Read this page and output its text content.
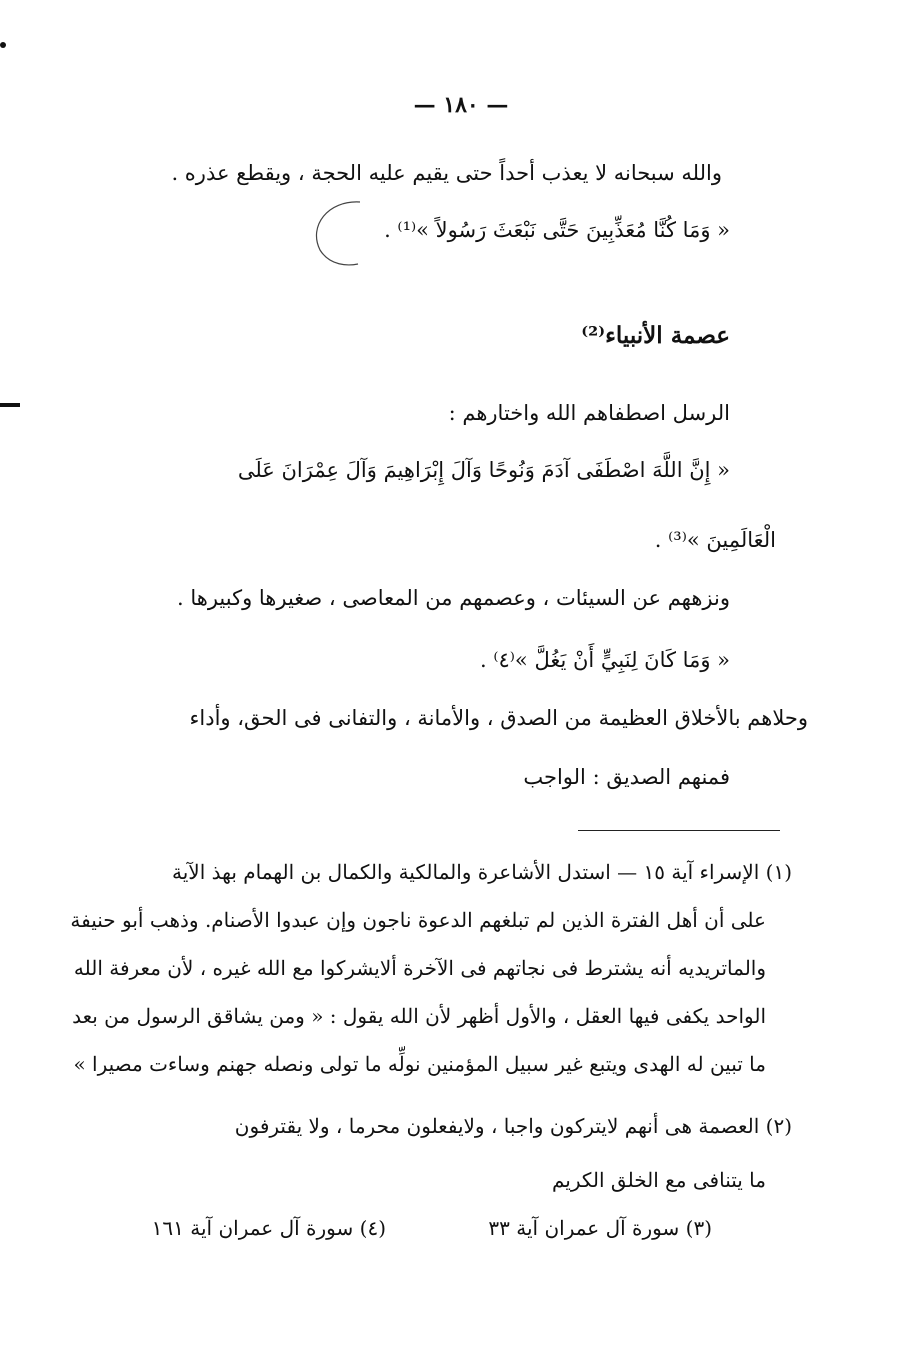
— ١٨٠ —
والله سبحانه لا يعذب أحداً حتى يقيم عليه الحجة ، ويقطع عذره .
« وَمَا كُنَّا مُعَذِّبِينَ حَتَّى نَبْعَثَ رَسُولاً »⁽¹⁾ .
عصمة الأنبياء⁽²⁾
الرسل اصطفاهم الله واختارهم :
« إِنَّ اللَّهَ اصْطَفَى آدَمَ وَنُوحًا وَآلَ إِبْرَاهِيمَ وَآلَ عِمْرَانَ عَلَى
الْعَالَمِينَ »⁽³⁾ .
ونزههم عن السيئات ، وعصمهم من المعاصى ، صغيرها وكبيرها .
« وَمَا كَانَ لِنَبِيٍّ أَنْ يَغُلَّ »⁽٤⁾ .
وحلاهم بالأخلاق العظيمة من الصدق ، والأمانة ، والتفانى فى الحق، وأداء
فمنهم الصديق : الواجب
(١) الإسراء آية ١٥ — استدل الأشاعرة والمالكية والكمال بن الهمام بهذ الآية
على أن أهل الفترة الذين لم تبلغهم الدعوة ناجون وإن عبدوا الأصنام. وذهب أبو حنيفة
والماتريديه أنه يشترط فى نجاتهم فى الآخرة ألايشركوا مع الله غيره ، لأن معرفة الله
الواحد يكفى فيها العقل ، والأول أظهر لأن الله يقول : « ومن يشاقق الرسول من بعد
ما تبين له الهدى ويتبع غير سبيل المؤمنين نولِّه ما تولى ونصله جهنم وساءت مصيرا »
(٢) العصمة هى أنهم لايتركون واجبا ، ولايفعلون محرما ، ولا يقترفون
ما يتنافى مع الخلق الكريم
(٣) سورة آل عمران آية ٣٣
(٤) سورة آل عمران آية ١٦١
